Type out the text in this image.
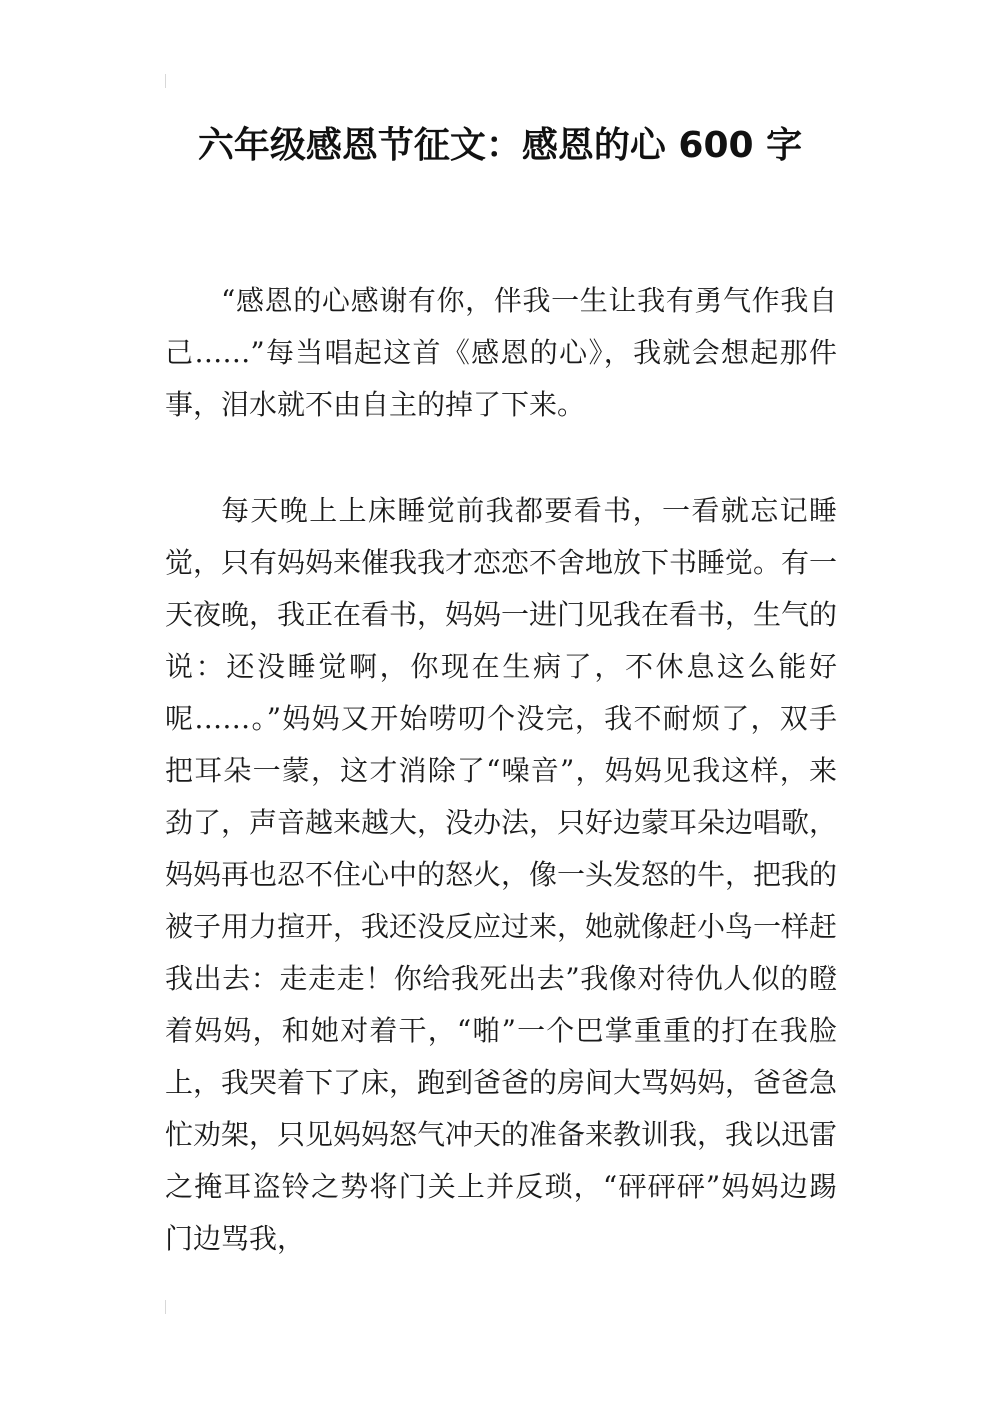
六年级感恩节征文：感恩的心 600 字

“感恩的心感谢有你，伴我一生让我有勇气作我自己……”每当唱起这首《感恩的心》，我就会想起那件事，泪水就不由自主的掉了下来。

每天晚上上床睡觉前我都要看书，一看就忘记睡觉，只有妈妈来催我我才恋恋不舍地放下书睡觉。有一天夜晚，我正在看书，妈妈一进门见我在看书，生气的说：还没睡觉啊，你现在生病了，不休息这么能好呢……。”妈妈又开始唠叨个没完，我不耐烦了，双手把耳朵一蒙，这才消除了“噪音”，妈妈见我这样，来劲了，声音越来越大，没办法，只好边蒙耳朵边唱歌，妈妈再也忍不住心中的怒火，像一头发怒的牛，把我的被子用力揎开，我还没反应过来，她就像赶小鸟一样赶我出去：走走走！你给我死出去”我像对待仇人似的瞪着妈妈，和她对着干，“啪”一个巴掌重重的打在我脸上，我哭着下了床，跑到爸爸的房间大骂妈妈，爸爸急忙劝架，只见妈妈怒气冲天的准备来教训我，我以迅雷之掩耳盗铃之势将门关上并反琐，“砰砰砰”妈妈边踢门边骂我，
